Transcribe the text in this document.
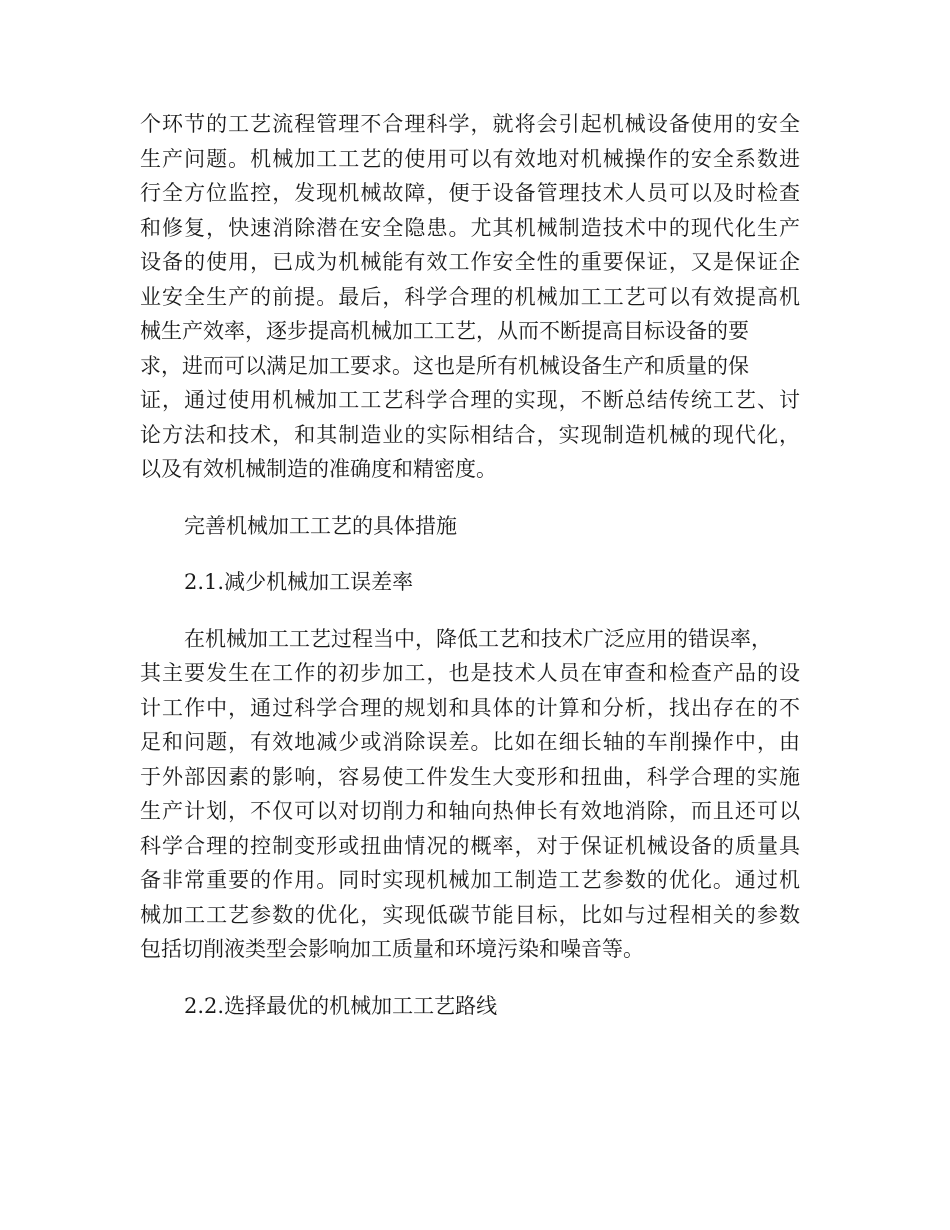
个环节的工艺流程管理不合理科学，就将会引起机械设备使用的安全
生产问题。机械加工工艺的使用可以有效地对机械操作的安全系数进
行全方位监控，发现机械故障，便于设备管理技术人员可以及时检查
和修复，快速消除潜在安全隐患。尤其机械制造技术中的现代化生产
设备的使用，已成为机械能有效工作安全性的重要保证，又是保证企
业安全生产的前提。最后，科学合理的机械加工工艺可以有效提高机
械生产效率，逐步提高机械加工工艺，从而不断提高目标设备的要
求，进而可以满足加工要求。这也是所有机械设备生产和质量的保
证，通过使用机械加工工艺科学合理的实现，不断总结传统工艺、讨
论方法和技术，和其制造业的实际相结合，实现制造机械的现代化，
以及有效机械制造的准确度和精密度。
完善机械加工工艺的具体措施
2.1.减少机械加工误差率
在机械加工工艺过程当中，降低工艺和技术广泛应用的错误率，
其主要发生在工作的初步加工，也是技术人员在审查和检查产品的设
计工作中，通过科学合理的规划和具体的计算和分析，找出存在的不
足和问题，有效地减少或消除误差。比如在细长轴的车削操作中，由
于外部因素的影响，容易使工件发生大变形和扭曲，科学合理的实施
生产计划，不仅可以对切削力和轴向热伸长有效地消除，而且还可以
科学合理的控制变形或扭曲情况的概率，对于保证机械设备的质量具
备非常重要的作用。同时实现机械加工制造工艺参数的优化。通过机
械加工工艺参数的优化，实现低碳节能目标，比如与过程相关的参数
包括切削液类型会影响加工质量和环境污染和噪音等。
2.2.选择最优的机械加工工艺路线
